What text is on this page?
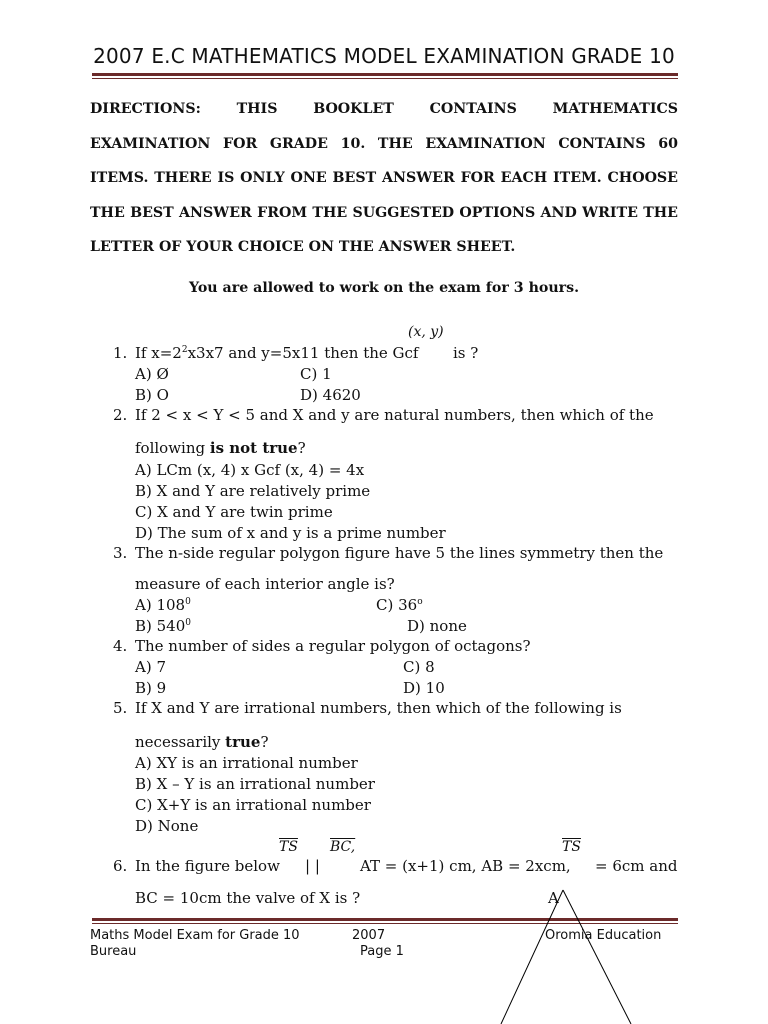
2007 E.C MATHEMATICS MODEL EXAMINATION GRADE 10
DIRECTIONS: THIS BOOKLET CONTAINS MATHEMATICS EXAMINATION FOR GRADE 10. THE EXAMINATION CONTAINS 60 ITEMS. THERE IS ONLY ONE BEST ANSWER FOR EACH ITEM. CHOOSE THE BEST ANSWER FROM THE SUGGESTED OPTIONS AND WRITE THE LETTER OF YOUR CHOICE ON THE ANSWER SHEET.
You are allowed to work on the exam for 3 hours.
(x, y)
1. If $x=2^2x3x7$ and y=5x11 then the Gcf is ?
A) Ø	C) 1
B) O	D) 4620
2. If 2 < x < Y < 5 and X and y are natural numbers, then which of the
following is not true?
A) LCm (x, 4) x Gcf (x, 4) = 4x
B) X and Y are relatively prime
C) X and Y are twin prime
D) The sum of x and y is a prime number
3. The n-side regular polygon figure have 5 the lines symmetry then the
measure of each interior angle is?
A) $108^0$	C) 36$^o$
B) $540^0$	D) none
4. The number of sides a regular polygon of octagons?
A) 7	C) 8
B) 9	D) 10
5. If X and Y are irrational numbers, then which of the following is
necessarily true?
A) XY is an irrational number
B) X – Y is an irrational number
C) X+Y is an irrational number
D) None
$\overline{TS}$ BC,	$\overline{TS}$
6. In the figure below | |	AT = (x+1) cm, AB = 2xcm, = 6cm and
BC = 10cm the valve of X is ?
Maths Model Exam for Grade 10	2007	Oromia Education
Bureau	Page 1
A
